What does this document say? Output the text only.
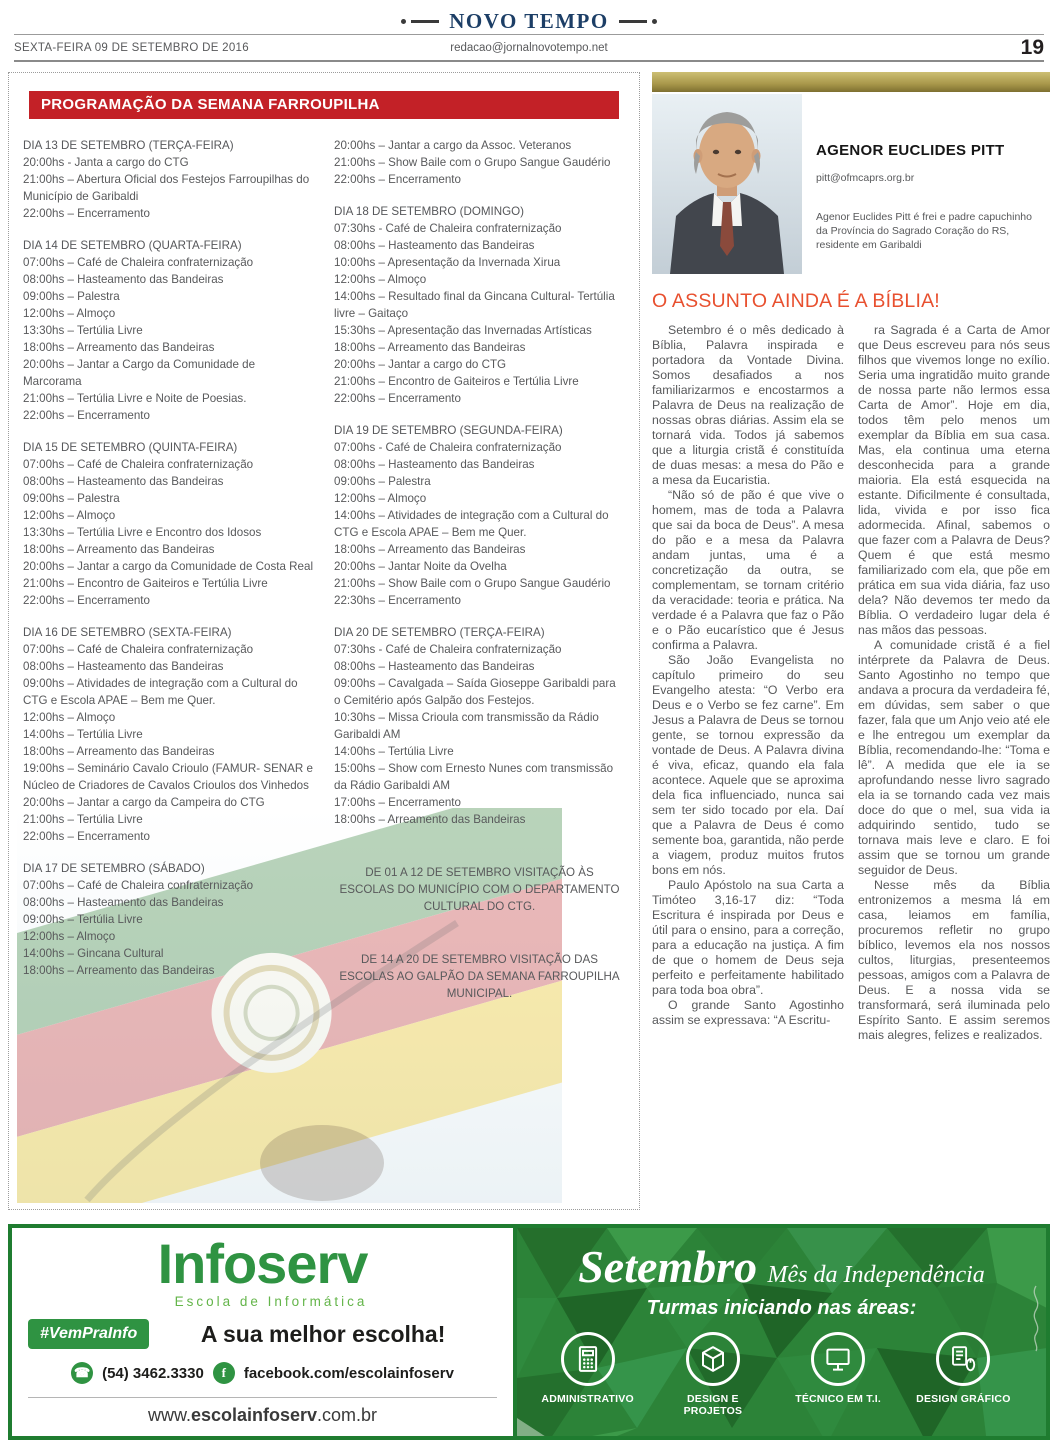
NOVO TEMPO
SEXTA-FEIRA 09 DE SETEMBRO DE 2016	redacao@jornalnovotempo.net	19
PROGRAMAÇÃO DA SEMANA FARROUPILHA
DIA 13 DE SETEMBRO (TERÇA-FEIRA)
20:00hs - Janta a cargo do CTG
21:00hs – Abertura Oficial dos Festejos Farroupilhas do Município de Garibaldi
22:00hs – Encerramento
DIA 14 DE SETEMBRO (QUARTA-FEIRA)
07:00hs – Café de Chaleira confraternização
08:00hs – Hasteamento das Bandeiras
09:00hs – Palestra
12:00hs – Almoço
13:30hs – Tertúlia Livre
18:00hs – Arreamento das Bandeiras
20:00hs – Jantar a Cargo da Comunidade de Marcorama
21:00hs – Tertúlia Livre e Noite de Poesias.
22:00hs – Encerramento
DIA 15 DE SETEMBRO (QUINTA-FEIRA)
07:00hs – Café de Chaleira confraternização
08:00hs – Hasteamento das Bandeiras
09:00hs – Palestra
12:00hs – Almoço
13:30hs – Tertúlia Livre e Encontro dos Idosos
18:00hs – Arreamento das Bandeiras
20:00hs – Jantar a cargo da Comunidade de Costa Real
21:00hs – Encontro de Gaiteiros e Tertúlia Livre
22:00hs – Encerramento
DIA 16 DE SETEMBRO (SEXTA-FEIRA)
07:00hs – Café de Chaleira confraternização
08:00hs – Hasteamento das Bandeiras
09:00hs – Atividades de integração com a Cultural do CTG e Escola APAE – Bem me Quer.
12:00hs – Almoço
14:00hs – Tertúlia Livre
18:00hs – Arreamento das Bandeiras
19:00hs – Seminário Cavalo Crioulo (FAMUR- SENAR e Núcleo de Criadores de Cavalos Crioulos dos Vinhedos
20:00hs – Jantar a cargo da Campeira do CTG
21:00hs – Tertúlia Livre
22:00hs – Encerramento
DIA 17 DE SETEMBRO (SÁBADO)
07:00hs – Café de Chaleira confraternização
08:00hs – Hasteamento das Bandeiras
09:00hs – Tertúlia Livre
12:00hs – Almoço
14:00hs – Gincana Cultural
18:00hs – Arreamento das Bandeiras
20:00hs – Jantar a cargo da Assoc. Veteranos
21:00hs – Show Baile com o Grupo Sangue Gaudério
22:00hs – Encerramento
DIA 18 DE SETEMBRO (DOMINGO)
07:30hs - Café de Chaleira confraternização
08:00hs – Hasteamento das Bandeiras
10:00hs – Apresentação da Invernada Xirua
12:00hs – Almoço
14:00hs – Resultado final da Gincana Cultural- Tertúlia livre – Gaitaço
15:30hs – Apresentação das Invernadas Artísticas
18:00hs – Arreamento das Bandeiras
20:00hs – Jantar a cargo do CTG
21:00hs – Encontro de Gaiteiros e Tertúlia Livre
22:00hs – Encerramento
DIA 19 DE SETEMBRO (SEGUNDA-FEIRA)
07:00hs - Café de Chaleira confraternização
08:00hs – Hasteamento das Bandeiras
09:00hs – Palestra
12:00hs – Almoço
14:00hs – Atividades de integração com a Cultural do CTG e Escola APAE – Bem me Quer.
18:00hs – Arreamento das Bandeiras
20:00hs – Jantar Noite da Ovelha
21:00hs – Show Baile com o Grupo Sangue Gaudério
22:30hs – Encerramento
DIA 20 DE SETEMBRO (TERÇA-FEIRA)
07:30hs - Café de Chaleira confraternização
08:00hs – Hasteamento das Bandeiras
09:00hs – Cavalgada – Saída Gioseppe Garibaldi para o Cemitério após Galpão dos Festejos.
10:30hs – Missa Crioula com transmissão da Rádio Garibaldi AM
14:00hs – Tertúlia Livre
15:00hs – Show com Ernesto Nunes com transmissão da Rádio Garibaldi AM
17:00hs – Encerramento
18:00hs – Arreamento das Bandeiras
DE 01 A 12 DE SETEMBRO VISITAÇÃO ÀS ESCOLAS DO MUNICÍPIO COM O DEPARTAMENTO CULTURAL DO CTG.
DE 14 A 20 DE SETEMBRO VISITAÇÃO DAS ESCOLAS AO GALPÃO DA SEMANA FARROUPILHA MUNICIPAL.
AGENOR EUCLIDES PITT
pitt@ofmcaprs.org.br
Agenor Euclides Pitt é frei e padre capuchinho da Província do Sagrado Coração do RS, residente em Garibaldi
O ASSUNTO AINDA É A BÍBLIA!

Setembro é o mês dedicado à Bíblia, Palavra inspirada e portadora da Vontade Divina. Somos desafiados a nos familiarizarmos e encostarmos a Palavra de Deus na realização de nossas obras diárias. Assim ela se tornará vida. Todos já sabemos que a liturgia cristã é constituída de duas mesas: a mesa do Pão e a mesa da Eucaristia.

“Não só de pão é que vive o homem, mas de toda a Palavra que sai da boca de Deus”. A mesa do pão e a mesa da Palavra andam juntas, uma é a concretização da outra, se complementam, se tornam critério da veracidade: teoria e prática. Na verdade é a Palavra que faz o Pão e o Pão eucarístico que é Jesus confirma a Palavra.

São João Evangelista no capítulo primeiro do seu Evangelho atesta: “O Verbo era Deus e o Verbo se fez carne”. Em Jesus a Palavra de Deus se tornou gente, se tornou expressão da vontade de Deus. A Palavra divina é viva, eficaz, quando ela fala acontece. Aquele que se aproxima dela fica influenciado, nunca sai sem ter sido tocado por ela. Daí que a Palavra de Deus é como semente boa, garantida, não perde a viagem, produz muitos frutos bons em nós.

Paulo Apóstolo na sua Carta a Timóteo 3,16-17 diz: “Toda Escritura é inspirada por Deus e útil para o ensino, para a correção, para a educação na justiça. A fim de que o homem de Deus seja perfeito e perfeitamente habilitado para toda boa obra”.

O grande Santo Agostinho assim se expressava: “A Escritu-

ra Sagrada é a Carta de Amor que Deus escreveu para nós seus filhos que vivemos longe no exílio. Seria uma ingratidão muito grande de nossa parte não lermos essa Carta de Amor”. Hoje em dia, todos têm pelo menos um exemplar da Bíblia em sua casa. Mas, ela continua uma eterna desconhecida para a grande maioria. Ela está esquecida na estante. Dificilmente é consultada, lida, vivida e por isso fica adormecida. Afinal, sabemos o que fazer com a Palavra de Deus? Quem é que está mesmo familiarizado com ela, que põe em prática em sua vida diária, faz uso dela? Não devemos ter medo da Bíblia. O verdadeiro lugar dela é nas mãos das pessoas.

A comunidade cristã é a fiel intérprete da Palavra de Deus. Santo Agostinho no tempo que andava a procura da verdadeira fé, em dúvidas, sem saber o que fazer, fala que um Anjo veio até ele e lhe entregou um exemplar da Bíblia, recomendando-lhe: “Toma e lê”. A medida que ele ia se aprofundando nesse livro sagrado ela ia se tornando cada vez mais doce do que o mel, sua vida ia adquirindo sentido, tudo se tornava mais leve e claro. E foi assim que se tornou um grande seguidor de Deus.

Nesse mês da Bíblia entronizemos a mesma lá em casa, leiamos em família, procuremos refletir no grupo bíblico, levemos ela nos nossos cultos, liturgias, presenteemos pessoas, amigos com a Palavra de Deus. E a nossa vida se transformará, será iluminada pelo Espírito Santo. E assim seremos mais alegres, felizes e realizados.

Infoserv
Escola de Informática
#VemPraInfo	A sua melhor escolha!
☎ (54) 3462.3330	f	facebook.com/escolainfoserv
www.escolainfoserv.com.br
Setembro Mês da Independência
Turmas iniciando nas áreas:
ADMINISTRATIVO	DESIGN E PROJETOS
TÉCNICO EM T.I.	DESIGN GRÁFICO
